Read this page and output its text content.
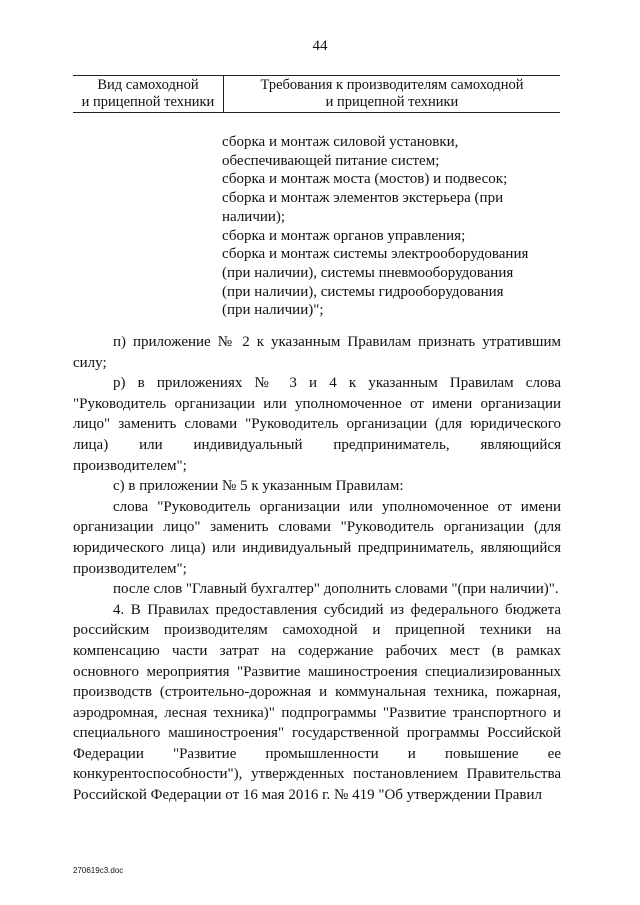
44
Вид самоходной
и прицепной техники
Требования к производителям самоходной
и прицепной техники
сборка и монтаж силовой установки,
обеспечивающей питание систем;
сборка и монтаж моста (мостов) и подвесок;
сборка и монтаж элементов экстерьера (при
наличии);
сборка и монтаж органов управления;
сборка и монтаж системы электрооборудования
(при наличии), системы пневмооборудования
(при наличии), системы гидрооборудования
(при наличии)";
п) приложение № 2 к указанным Правилам признать утратившим силу;
р) в приложениях № 3 и 4 к указанным Правилам слова "Руководитель организации или уполномоченное от имени организации лицо" заменить словами "Руководитель организации (для юридического лица) или индивидуальный предприниматель, являющийся производителем";
с) в приложении № 5 к указанным Правилам:
слова "Руководитель организации или уполномоченное от имени организации лицо" заменить словами "Руководитель организации (для юридического лица) или индивидуальный предприниматель, являющийся производителем";
после слов "Главный бухгалтер" дополнить словами "(при наличии)".
4. В Правилах предоставления субсидий из федерального бюджета российским производителям самоходной и прицепной техники на компенсацию части затрат на содержание рабочих мест (в рамках основного мероприятия "Развитие машиностроения специализированных производств (строительно-дорожная и коммунальная техника, пожарная, аэродромная, лесная техника)" подпрограммы "Развитие транспортного и специального машиностроения" государственной программы Российской Федерации "Развитие промышленности и повышение ее конкурентоспособности"), утвержденных постановлением Правительства Российской Федерации от 16 мая 2016 г. № 419 "Об утверждении Правил
270619c3.doc
